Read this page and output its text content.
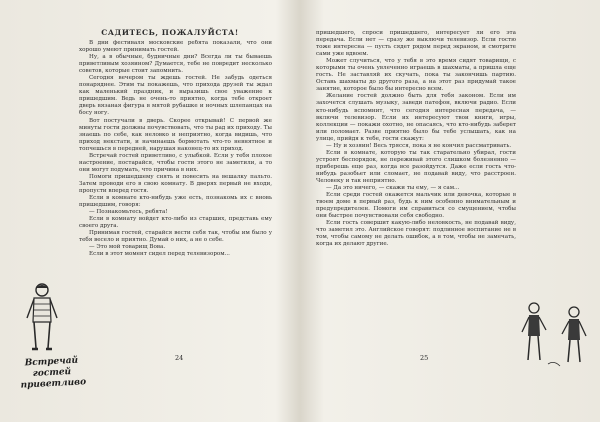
САДИТЕСЬ, ПОЖАЛУЙСТА!

В дни фестиваля московские ребята показали, что они хорошо умеют принимать гостей.

Ну, а в обычные, будничные дни? Всегда ли ты бываешь приветливым хозяином? Думается, тебе не повредит несколько советов, которые стоит запомнить.

Сегодня вечером ты ждешь гостей. Не забудь одеться понаряднее. Этим ты покажешь, что прихода друзей ты ждал как маленький праздник, и выразишь свое уважение к пришедшим. Ведь не очень-то приятно, когда тебе откроет дверь вязаная фигура в мятой рубашке и ночных шлепанцах на босу ногу.

Вот постучали в дверь. Скорее открывай! С первой же минуты гости должны почувствовать, что ты рад их приходу. Ты знаешь по себе, как неловко и неприятно, когда видишь, что приход некстати, и начинаешь бормотать что-то невнятное и топчешься в передней, нарушая наконец-то их приход.

Встречай гостей приветливо, с улыбкой. Если у тебя плохое настроение, постарайся, чтобы гости этого не заметили, а то они могут подумать, что причина в них.

Помоги пришедшему снять и повесить на вешалку пальто. Затем проводи его в свою комнату. В дверях первый не входи, пропусти вперед гостя.

Если в комнате кто-нибудь уже есть, познакомь их с вновь пришедшим, говоря:

— Познакомьтесь, ребята!

Если в комнату войдет кто-либо из старших, представь ему своего друга.

Принимая гостей, старайся вести себя так, чтобы им было у тебя весело и приятно. Думай о них, а не о себе.

— Это мой товарищ Вова.

Если в этот момент сидел перед телевизором...

Встречай
гостей
приветливо

24

пришедшего, спроси пришедшего, интересует ли его эта передача. Если нет — сразу же выключи телевизор. Если гостю тоже интересна — пусть сядет рядом перед экраном, и смотрите сами уже вдвоем.

Может случиться, что у тебя в это время сидят товарищи, с которыми ты очень увлеченно играешь в шахматы, а пришла еще гость. Не заставляй их скучать, пока ты закончишь партию. Оставь шахматы до другого раза, а на этот раз придумай такое занятие, которое было бы интересно всем.

Желание гостей должно быть для тебя законом. Если им захочется слушать музыку, заведи патефон, включи радио. Если кто-нибудь вспомнит, что сегодня интересная передача, — включи телевизор. Если их интересуют твои книги, игры, коллекции — покажи охотно, не опасаясь, что кто-нибудь заберет или поломает. Разве приятно было бы тебе услышать, как на улице, прийдя к тебе, гости скажут:

— Ну и хозяин! Весь трясся, пока я не кончил рассматривать.

Если в комнате, которую ты так старательно убирал, гости устроят беспорядок, не переживай этого слишком болезненно — приберешь еще раз, когда все разойдутся. Даже если гость что-нибудь разобьет или сломает, не подавай виду, что расстроен. Человеку и так неприятно.

— Да это ничего, — скажи ты ему, — я сам...

Если среди гостей окажется мальчик или девочка, которые в твоем доме в первый раз, будь к ним особенно внимательным и предупредителен. Помоги им справиться со смущением, чтобы они быстрее почувствовали себя свободно.

Если гость совершит какую-либо неловкость, не подавай виду, что заметил это. Английское говорят: подлинное воспитание не в том, чтобы самому не делать ошибок, а в том, чтобы не замечать, когда их делают другие.

25
